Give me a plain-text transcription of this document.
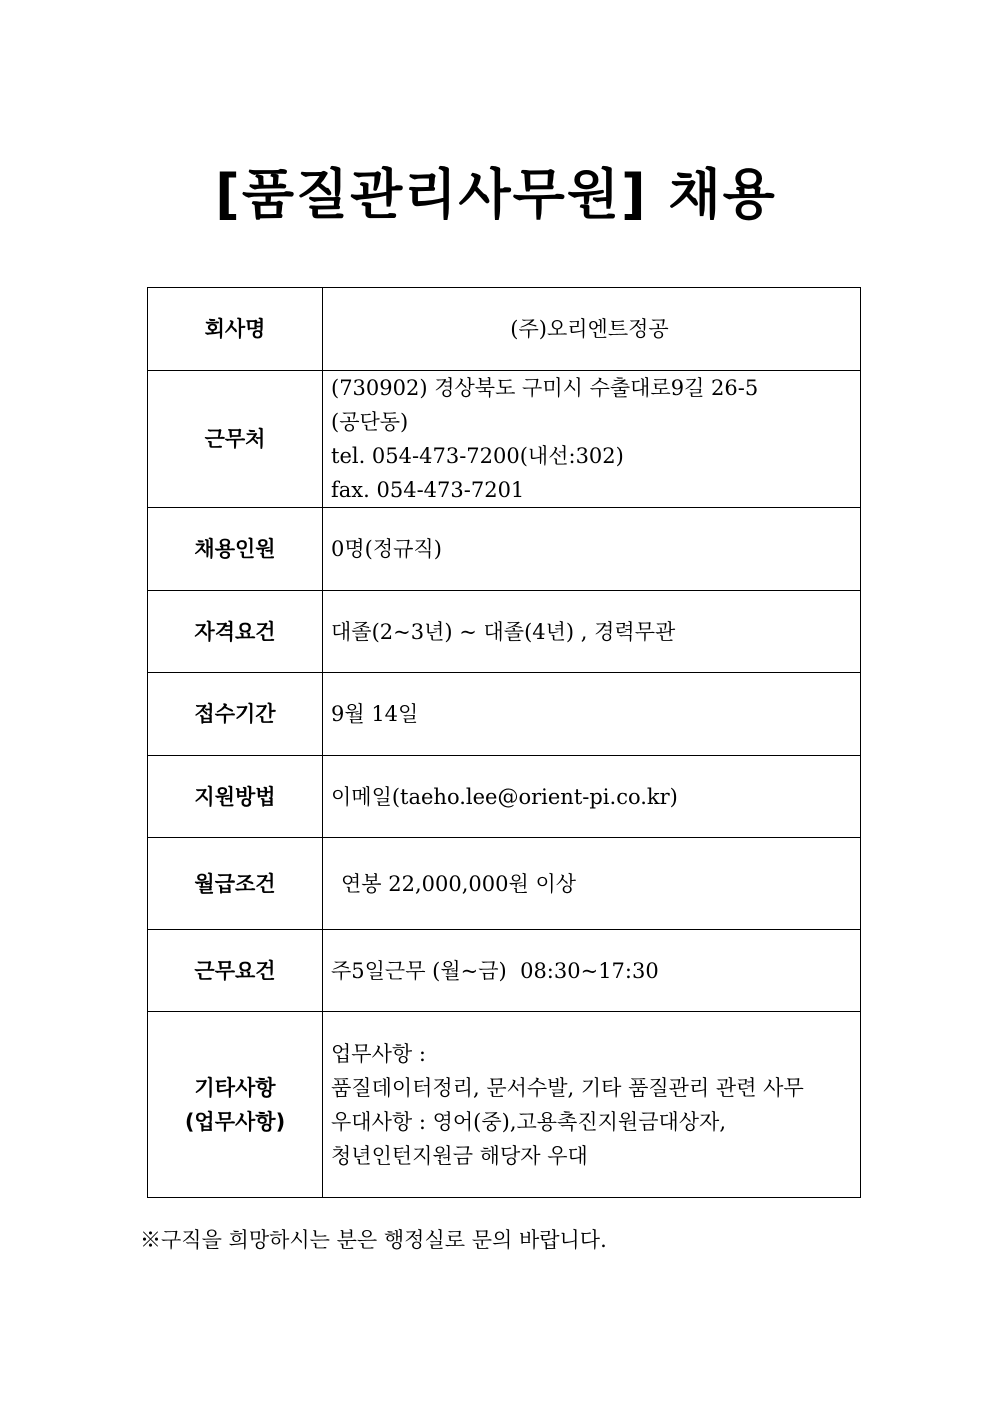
[품질관리사무원] 채용
회사명	(주)오리엔트정공
근무처	(730902) 경상북도 구미시 수출대로9길 26-5
(공단동)
tel. 054-473-7200(내선:302)
fax. 054-473-7201

채용인원	0명(정규직)
자격요건	대졸(2~3년) ~ 대졸(4년) , 경력무관
접수기간	9월 14일
지원방법	이메일(taeho.lee@orient-pi.co.kr)
월급조건	연봉 22,000,000원 이상
근무요건	주5일근무 (월~금)  08:30~17:30

기타사항
(업무사항)	업무사항 :
품질데이터정리, 문서수발, 기타 품질관리 관련 사무
우대사항 : 영어(중),고용촉진지원금대상자,
청년인턴지원금 해당자 우대
※구직을 희망하시는 분은 행정실로 문의 바랍니다.
